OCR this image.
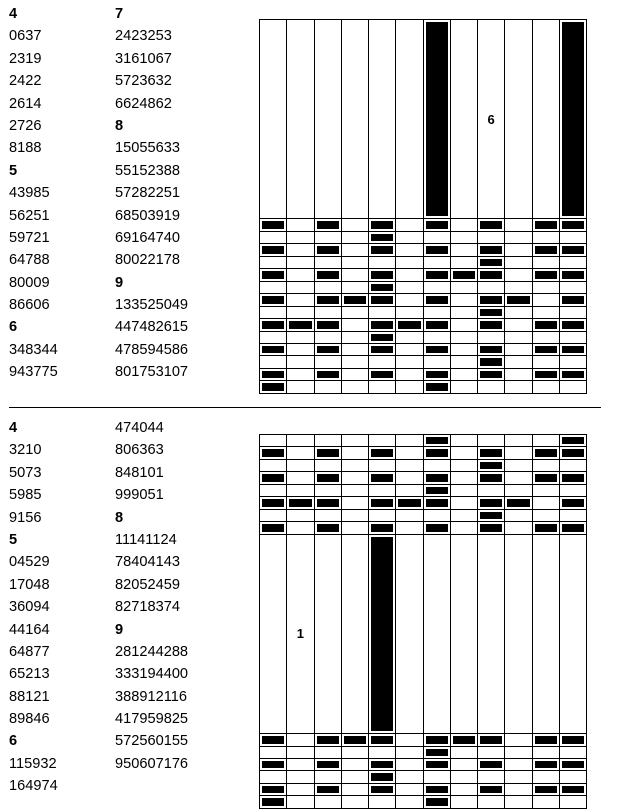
4
0637
2319
2422
2614
2726
8188
5
43985
56251
59721
64788
80009
86606
6
348344
943775
7
2423253
3161067
5723632
6624862
8
15055633
55152388
57282251
68503919
69164740
80022178
9
133525049
447482615
478594586
801753107
								6			

4
3210
5073
5985
9156
5
04529
17048
36094
44164
64877
65213
88121
89846
6
115932
164974
474044
806363
848101
999051
8
11141124
78404143
82052459
82718374
9
281244288
333194400
388912116
417959825
572560155
950607176

	1										
